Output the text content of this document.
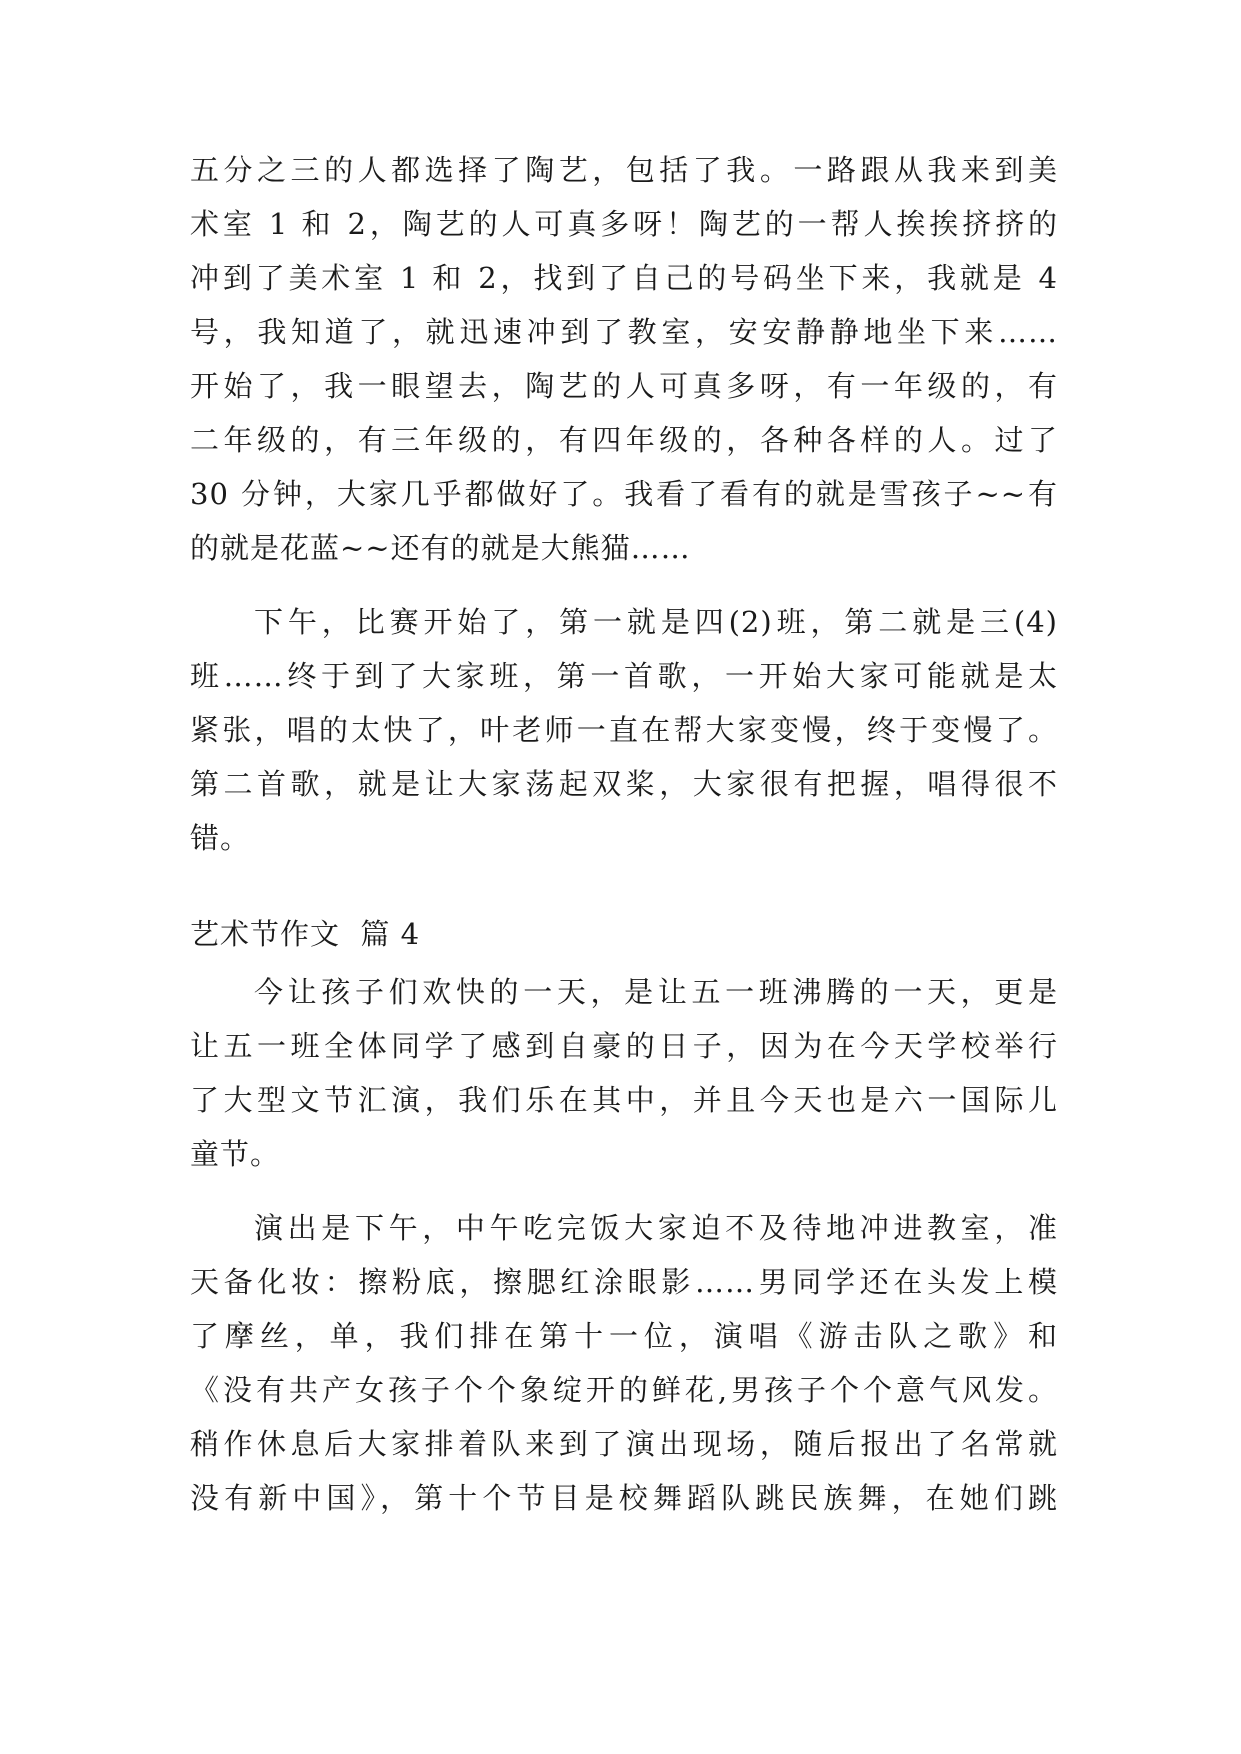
五分之三的人都选择了陶艺，包括了我。一路跟从我来到美
术室 1 和 2，陶艺的人可真多呀！陶艺的一帮人挨挨挤挤的
冲到了美术室 1 和 2，找到了自己的号码坐下来，我就是 4
号，我知道了，就迅速冲到了教室，安安静静地坐下来……
开始了，我一眼望去，陶艺的人可真多呀，有一年级的，有
二年级的，有三年级的，有四年级的，各种各样的人。过了
30 分钟，大家几乎都做好了。我看了看有的就是雪孩子~~有
的就是花蓝~~还有的就是大熊猫……
下午，比赛开始了，第一就是四(2)班，第二就是三(4)
班……终于到了大家班，第一首歌，一开始大家可能就是太
紧张，唱的太快了，叶老师一直在帮大家变慢，终于变慢了。
第二首歌，就是让大家荡起双桨，大家很有把握，唱得很不
错。
艺术节作文  篇 4
今让孩子们欢快的一天，是让五一班沸腾的一天，更是
让五一班全体同学了感到自豪的日子，因为在今天学校举行
了大型文节汇演，我们乐在其中，并且今天也是六一国际儿
童节。
演出是下午，中午吃完饭大家迫不及待地冲进教室，准
天备化妆：擦粉底，擦腮红涂眼影……男同学还在头发上模
了摩丝，单，我们排在第十一位，演唱《游击队之歌》和
《没有共产女孩子个个象绽开的鲜花,男孩子个个意气风发。
稍作休息后大家排着队来到了演出现场，随后报出了名常就
没有新中国》，第十个节目是校舞蹈队跳民族舞，在她们跳
